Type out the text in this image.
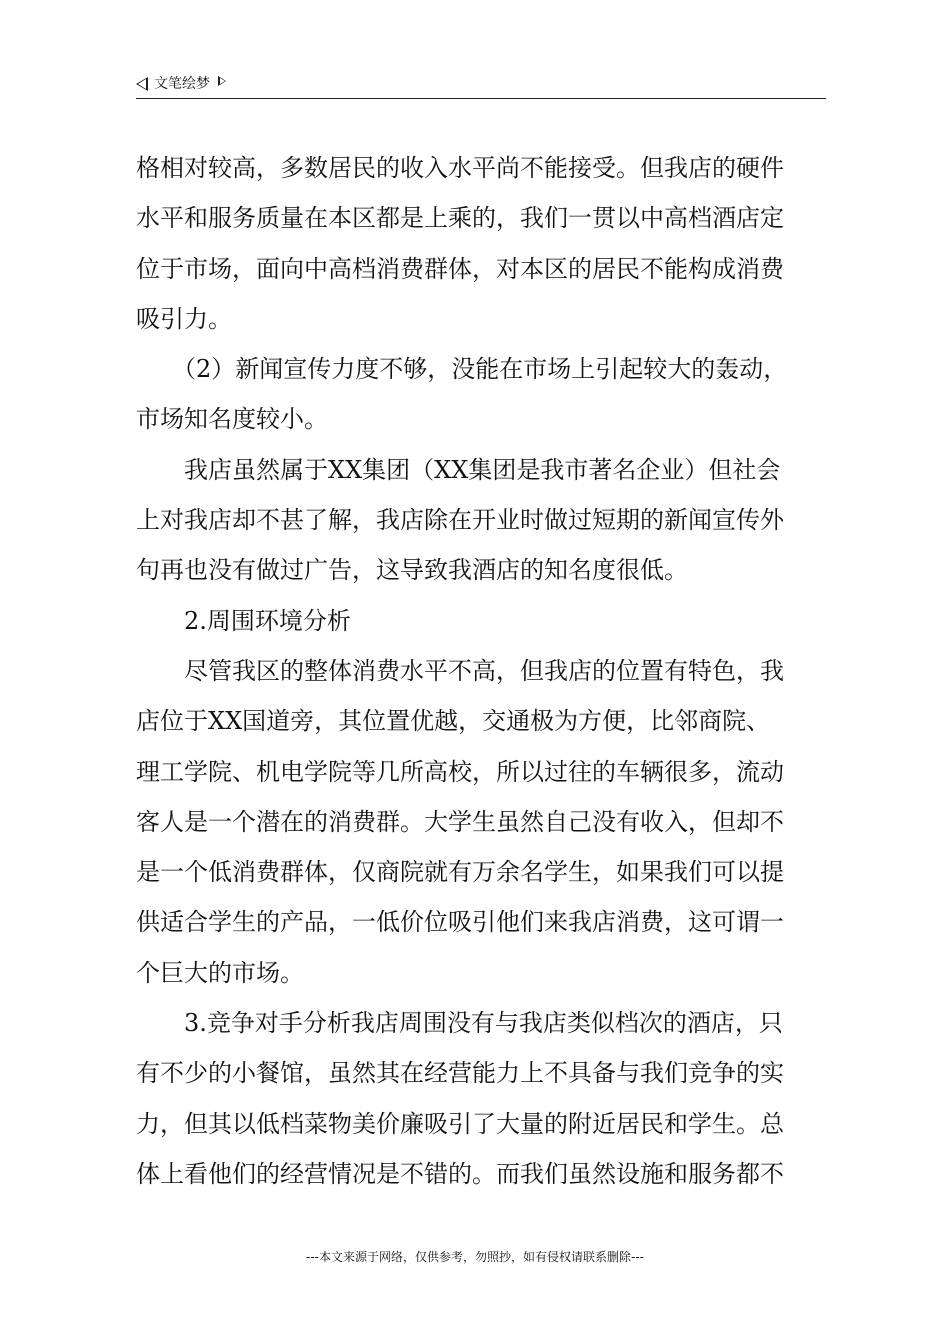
文笔绘梦

格相对较高，多数居民的收入水平尚不能接受。但我店的硬件

水平和服务质量在本区都是上乘的，我们一贯以中高档酒店定

位于市场，面向中高档消费群体，对本区的居民不能构成消费

吸引力。

　　（2）新闻宣传力度不够，没能在市场上引起较大的轰动，

市场知名度较小。

　　我店虽然属于XX集团（XX集团是我市著名企业）但社会

上对我店却不甚了解，我店除在开业时做过短期的新闻宣传外

句再也没有做过广告，这导致我酒店的知名度很低。

　　2.周围环境分析

　　尽管我区的整体消费水平不高，但我店的位置有特色，我

店位于XX国道旁，其位置优越，交通极为方便，比邻商院、

理工学院、机电学院等几所高校，所以过往的车辆很多，流动

客人是一个潜在的消费群。大学生虽然自己没有收入，但却不

是一个低消费群体，仅商院就有万余名学生，如果我们可以提

供适合学生的产品，一低价位吸引他们来我店消费，这可谓一

个巨大的市场。

　　3.竞争对手分析我店周围没有与我店类似档次的酒店，只

有不少的小餐馆，虽然其在经营能力上不具备与我们竞争的实

力，但其以低档菜物美价廉吸引了大量的附近居民和学生。总

体上看他们的经营情况是不错的。而我们虽然设施和服务都不

---本文来源于网络，仅供参考，勿照抄，如有侵权请联系删除---
